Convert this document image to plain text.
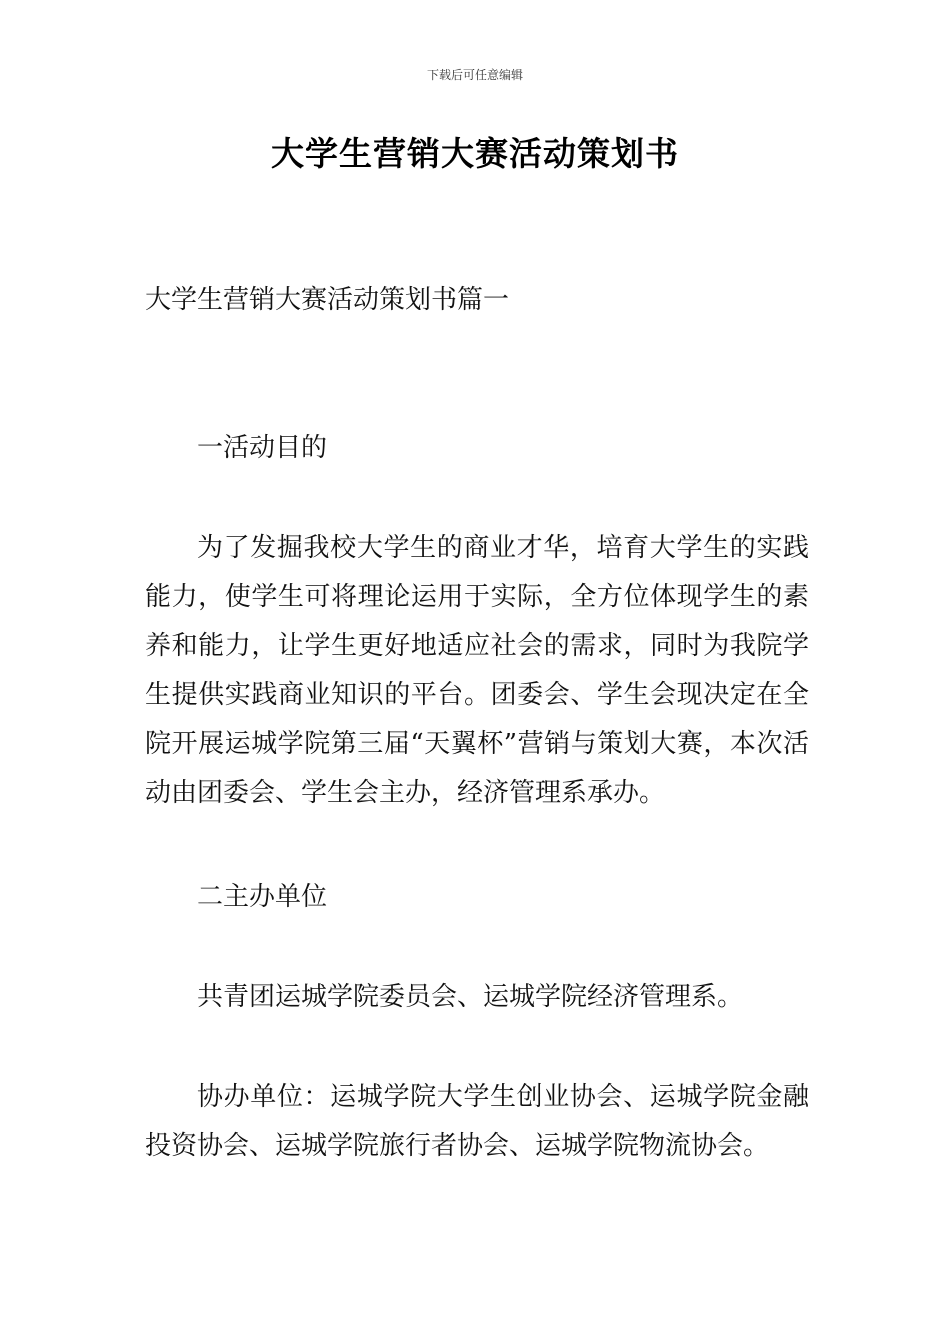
下载后可任意编辑
大学生营销大赛活动策划书

大学生营销大赛活动策划书篇一

一活动目的

为了发掘我校大学生的商业才华，培育大学生的实践能力，使学生可将理论运用于实际，全方位体现学生的素养和能力，让学生更好地适应社会的需求，同时为我院学生提供实践商业知识的平台。团委会、学生会现决定在全院开展运城学院第三届“天翼杯”营销与策划大赛，本次活动由团委会、学生会主办，经济管理系承办。

二主办单位

共青团运城学院委员会、运城学院经济管理系。

协办单位：运城学院大学生创业协会、运城学院金融投资协会、运城学院旅行者协会、运城学院物流协会。
